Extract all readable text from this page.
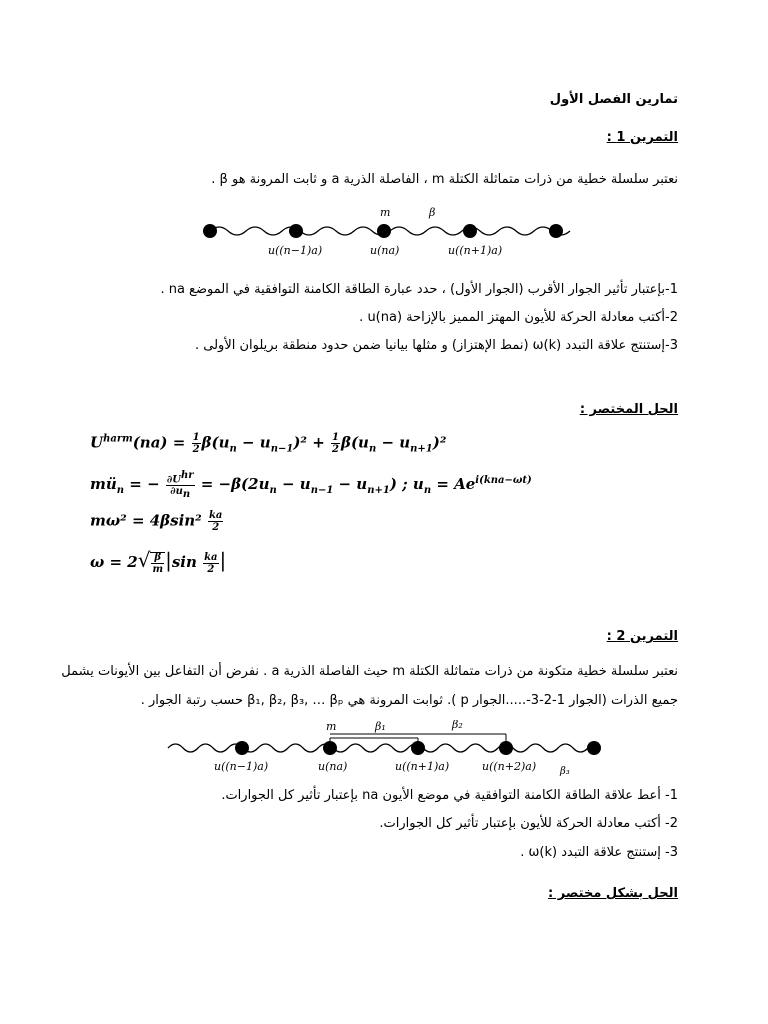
تمارين الفصل الأول
التمرين 1 :
نعتبر سلسلة خطية من ذرات متماثلة الكتلة m ، الفاصلة الذرية a و ثابت المرونة هو β .
m	β
u((n−1)a)	u(na)	u((n+1)a)
1-بإعتبار تأثير الجوار الأقرب (الجوار الأول) ، حدد عبارة الطاقة الكامنة التوافقية في الموضع na .
2-أكتب معادلة الحركة للأيون المهتز المميز بالإزاحة u(na) .
3-إستنتج علاقة التبدد ω(k) (نمط الإهتزاز) و مثلها بيانيا ضمن حدود منطقة بريلوان الأولى .
الحل المختصر :
$U^{harm}(na) = \frac{1}{2} \beta(u_n - u_{n-1})^2 + \frac{1}{2} \beta(u_n - u_{n+1})^2$
$mü_n$ = − $\frac{\partial U^{hr}}{\partial u_n} = -\beta(2u_n - u_{n-1} - u_{n+1})$ ; $u_n = Ae^{i(kna-\omega t)}$
$m\omega^2 = 4\beta\sin^2 \frac{ka}{2}$
$\omega = 2√ \frac{\beta}{m} |\sin \frac{ka}{2}$ |
التمرين 2 :
نعتبر سلسلة خطية متكونة من ذرات متماثلة الكتلة m حيث الفاصلة الذرية a . نفرض أن التفاعل بين الأيونات يشمل
جميع الذرات (الجوار 1-2-3-.....الجوار p ). ثوابت المرونة هي β₁, β₂, β₃, … βₚ حسب رتبة الجوار .
m	β₁	β₂
β₃
u((n−1)a)	u(na)	u((n+1)a)	u((n+2)a)
1- أعط علاقة الطاقة الكامنة التوافقية في موضع الأيون na بإعتبار تأثير كل الجوارات.
2- أكتب معادلة الحركة للأيون بإعتبار تأثير كل الجوارات.
3- إستنتج علاقة التبدد ω(k) .
الحل بشكل مختصر :
